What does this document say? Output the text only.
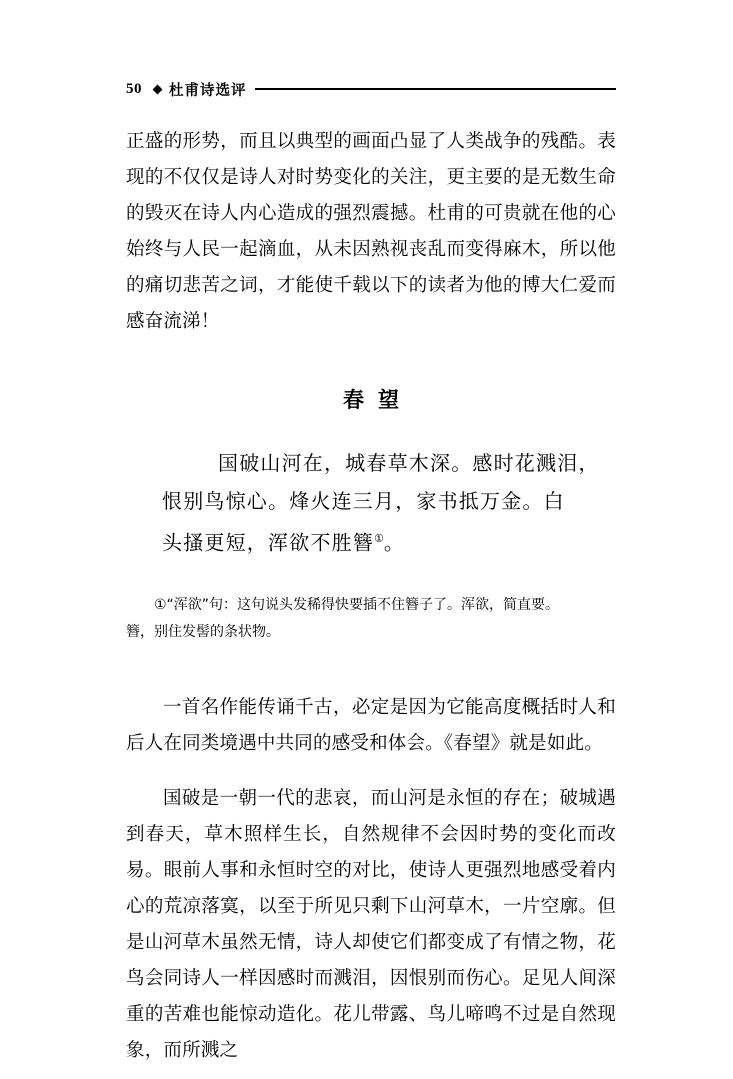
50 杜甫诗选评

正盛的形势，而且以典型的画面凸显了人类战争的残酷。表现的不仅仅是诗人对时势变化的关注，更主要的是无数生命的毁灭在诗人内心造成的强烈震撼。杜甫的可贵就在他的心始终与人民一起滴血，从未因熟视丧乱而变得麻木，所以他的痛切悲苦之词，才能使千载以下的读者为他的博大仁爱而感奋流涕！

春望
国破山河在，城春草木深。感时花溅泪，
恨别鸟惊心。烽火连三月，家书抵万金。白
头搔更短，浑欲不胜簪①。
①“浑欲”句：这句说头发稀得快要插不住簪子了。浑欲，简直要。
簪，别住发髻的条状物。

一首名作能传诵千古，必定是因为它能高度概括时人和后人在同类境遇中共同的感受和体会。《春望》就是如此。

国破是一朝一代的悲哀，而山河是永恒的存在；破城遇到春天，草木照样生长，自然规律不会因时势的变化而改易。眼前人事和永恒时空的对比，使诗人更强烈地感受着内心的荒凉落寞，以至于所见只剩下山河草木，一片空廓。但是山河草木虽然无情，诗人却使它们都变成了有情之物，花鸟会同诗人一样因感时而溅泪，因恨别而伤心。足见人间深重的苦难也能惊动造化。花儿带露、鸟儿啼鸣不过是自然现象，而所溅之
